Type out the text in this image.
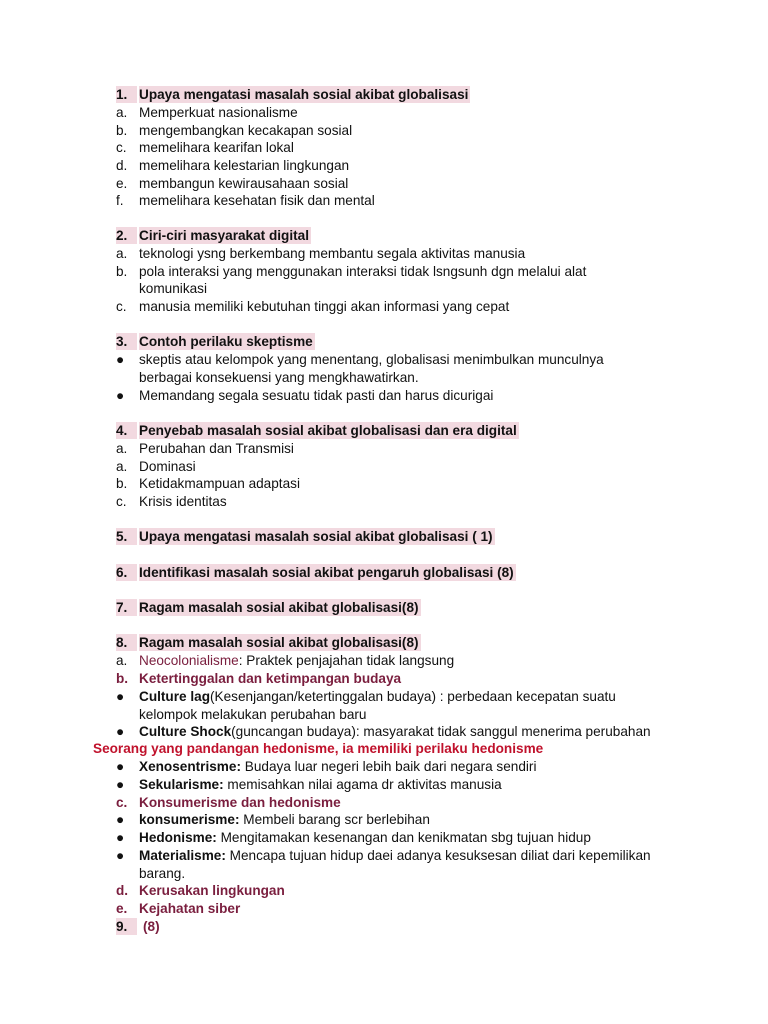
1. Upaya mengatasi masalah sosial akibat globalisasi
a. Memperkuat nasionalisme
b. mengembangkan kecakapan sosial
c. memelihara kearifan lokal
d. memelihara kelestarian lingkungan
e. membangun kewirausahaan sosial
f. memelihara kesehatan fisik dan mental
2. Ciri-ciri masyarakat digital
a. teknologi ysng berkembang membantu segala aktivitas manusia
b. pola interaksi yang menggunakan interaksi tidak lsngsunh dgn melalui alat
komunikasi
c. manusia memiliki kebutuhan tinggi akan informasi yang cepat
3. Contoh perilaku skeptisme
● skeptis atau kelompok yang menentang, globalisasi menimbulkan munculnya
berbagai konsekuensi yang mengkhawatirkan.
● Memandang segala sesuatu tidak pasti dan harus dicurigai
4. Penyebab masalah sosial akibat globalisasi dan era digital
a. Perubahan dan Transmisi
a. Dominasi
b. Ketidakmampuan adaptasi
c. Krisis identitas
5. Upaya mengatasi masalah sosial akibat globalisasi ( 1)
6. Identifikasi masalah sosial akibat pengaruh globalisasi (8)
7. Ragam masalah sosial akibat globalisasi(8)
8. Ragam masalah sosial akibat globalisasi(8)
a. Neocolonialisme: Praktek penjajahan tidak langsung
b. Ketertinggalan dan ketimpangan budaya
● Culture lag(Kesenjangan/ketertinggalan budaya) : perbedaan kecepatan suatu
kelompok melakukan perubahan baru
● Culture Shock(guncangan budaya): masyarakat tidak sanggul menerima perubahan
Seorang yang pandangan hedonisme, ia memiliki perilaku hedonisme
● Xenosentrisme: Budaya luar negeri lebih baik dari negara sendiri
● Sekularisme: memisahkan nilai agama dr aktivitas manusia
c. Konsumerisme dan hedonisme
● konsumerisme: Membeli barang scr berlebihan
● Hedonisme: Mengitamakan kesenangan dan kenikmatan sbg tujuan hidup
● Materialisme: Mencapa tujuan hidup daei adanya kesuksesan diliat dari kepemilikan
barang.
d. Kerusakan lingkungan
e. Kejahatan siber
9.	(8)
